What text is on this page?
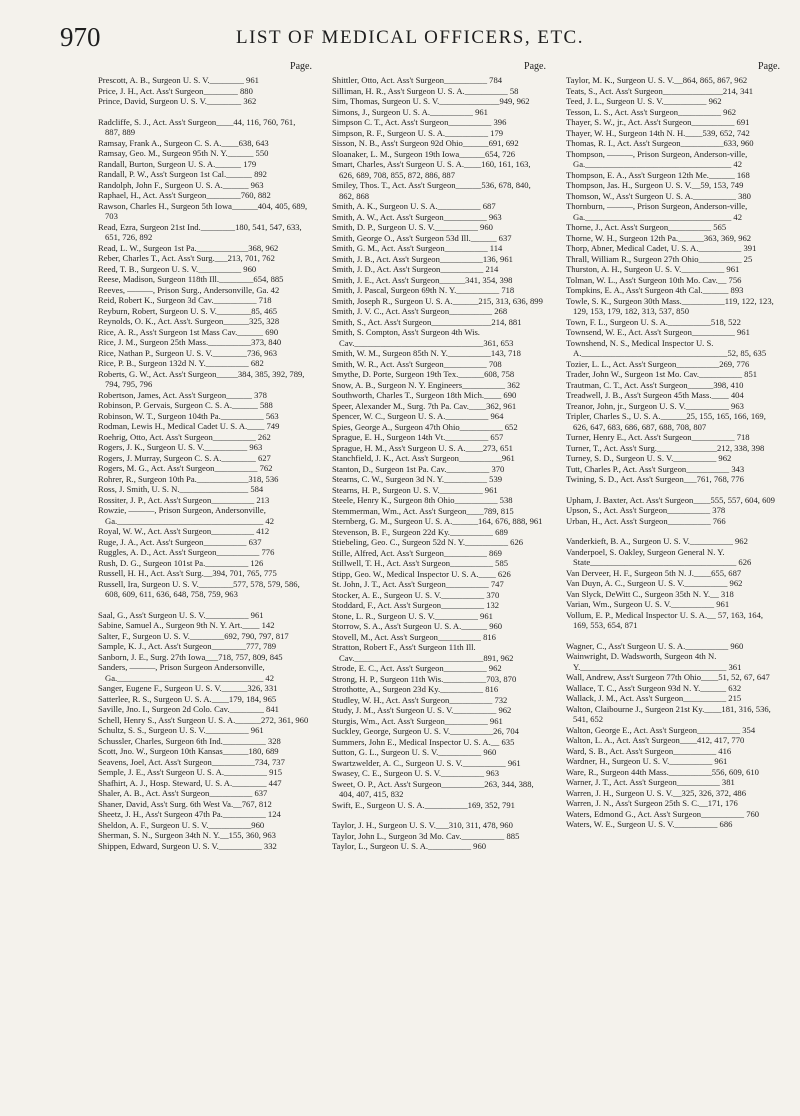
970	LIST OF MEDICAL OFFICERS, ETC.
Page.

Prescott, A. B., Surgeon U. S. V.________ 961

Price, J. H., Act. Ass't Surgeon________ 880

Prince, David, Surgeon U. S. V.________ 362

Radcliffe, S. J., Act. Ass't Surgeon____44, 116, 760, 761, 887, 889

Ramsay, Frank A., Surgeon C. S. A.____638, 643

Ramsay, Geo. M., Surgeon 95th N. Y.______ 550

Randall, Burton, Surgeon U. S. A.______ 179

Randall, P. W., Ass't Surgeon 1st Cal.______ 892

Randolph, John F., Surgeon U. S. A.______ 963

Raphael, H., Act. Ass't Surgeon________760, 882

Rawson, Charles H., Surgeon 5th Iowa______404, 405, 689, 703

Read, Ezra, Surgeon 21st Ind.________180, 541, 547, 633, 651, 726, 892

Read, L. W., Surgeon 1st Pa.____________368, 962

Reber, Charles T., Act. Ass't Surg.___213, 701, 762

Reed, T. B., Surgeon U. S. V.__________ 960

Reese, Madison, Surgeon 118th Ill.________654, 885

Reeves, ———, Prison Surg., Andersonville, Ga. 42

Reid, Robert K., Surgeon 3d Cav.__________ 718

Reyburn, Robert, Surgeon U. S. V.________85, 465

Reynolds, O. K., Act. Ass't. Surgeon______325, 328

Rice, A. R., Ass't Surgeon 1st Mass Cav.______ 690

Rice, J. M., Surgeon 25th Mass.__________373, 840

Rice, Nathan P., Surgeon U. S. V.________736, 963

Rice, P. B., Surgeon 132d N. Y.__________ 682

Roberts, G. W., Act. Ass't Surgeon_____384, 385, 392, 789, 794, 795, 796

Robertson, James, Act. Ass't Surgeon______ 378

Robinson, P. Gervais, Surgeon C. S. A.______ 588

Robinson, W. T., Surgeon 104th Pa.__________ 563

Rodman, Lewis H., Medical Cadet U. S. A.____ 749

Roehrig, Otto, Act. Ass't Surgeon__________ 262

Rogers, J. K., Surgeon U. S. V.__________ 963

Rogers, J. Murray, Surgeon C. S. A.________ 627

Rogers, M. G., Act. Ass't Surgeon__________ 762

Rohrer, R., Surgeon 10th Pa.____________318, 536

Ross, J. Smith, U. S. N.________________ 584

Rossiter, J. P., Act. Ass't Surgeon__________ 213

Rowzie, ———, Prison Surgeon, Andersonville, Ga.__________________________________ 42

Royal, W. W., Act. Ass't Surgeon__________ 412

Ruge, J. A., Act. Ass't Surgeon__________ 637

Ruggles, A. D., Act. Ass't Surgeon__________ 776

Rush, D. G., Surgeon 101st Pa.__________ 126

Russell, H. H., Act. Ass't Surg.__394, 701, 765, 775

Russell, Ira, Surgeon U. S. V.________577, 578, 579, 586, 608, 609, 611, 636, 648, 758, 759, 963

Saal, G., Ass't Surgeon U. S. V.__________ 961

Sabine, Samuel A., Surgeon 9th N. Y. Art.____ 142

Salter, F., Surgeon U. S. V.________692, 790, 797, 817

Sample, K. J., Act. Ass't Surgeon________777, 789

Sanborn, J. E., Surg. 27th Iowa___718, 757, 809, 845

Sanders, ———, Prison Surgeon Andersonville, Ga.__________________________________ 42

Sanger, Eugene F., Surgeon U. S. V.______326, 331

Satterlee, R. S., Surgeon U. S. A.____179, 184, 965

Saville, Jno. I., Surgeon 2d Colo. Cav.________ 841

Schell, Henry S., Ass't Surgeon U. S. A.______272, 361, 960

Schultz, S. S., Surgeon U. S. V.__________ 961

Schussler, Charles, Surgeon 6th Ind.__________ 328

Scott, Jno. W., Surgeon 10th Kansas______180, 689

Seavens, Joel, Act. Ass't Surgeon__________734, 737

Semple, J. E., Ass't Surgeon U. S. A.__________ 915

Shafhirt, A. J., Hosp. Steward, U. S. A.________ 447

Shaler, A. B., Act. Ass't Surgeon__________ 637

Shaner, David, Ass't Surg. 6th West Va.__767, 812

Sheetz, J. H., Ass't Surgeon 47th Pa.__________ 124

Sheldon, A. F., Surgeon U. S. V.__________960

Sherman, S. N., Surgeon 34th N. Y.__155, 360, 963

Shippen, Edward, Surgeon U. S. V.__________ 332

Page.

Shittler, Otto, Act. Ass't Surgeon__________ 784

Silliman, H. R., Ass't Surgeon U. S. A.__________ 58

Sim, Thomas, Surgeon U. S. V.______________949, 962

Simons, J., Surgeon U. S. A.__________ 961

Simpson C. T., Act. Ass't Surgeon__________ 396

Simpson, R. F., Surgeon U. S. A.__________ 179

Sisson, N. B., Ass't Surgeon 92d Ohio______691, 692

Sloanaker, L. M., Surgeon 19th Iowa______654, 726

Smart, Charles, Ass't Surgeon U. S. A.____160, 161, 163, 626, 689, 708, 855, 872, 886, 887

Smiley, Thos. T., Act. Ass't Surgeon______536, 678, 840, 862, 868

Smith, A. K., Surgeon U. S. A.__________ 687

Smith, A. W., Act. Ass't Surgeon__________ 963

Smith, D. P., Surgeon U. S. V.__________ 960

Smith, George O., Ass't Surgeon 53d Ill.______ 637

Smith, G. M., Act. Ass't Surgeon__________ 114

Smith, J. B., Act. Ass't Surgeon__________136, 961

Smith, J. D., Act. Ass't Surgeon__________ 214

Smith, J. E., Act. Ass't Surgeon______341, 354, 398

Smith, J. Pascal, Surgeon 69th N. Y.__________ 718

Smith, Joseph R., Surgeon U. S. A.______215, 313, 636, 899

Smith, J. V. C., Act. Ass't Surgeon__________ 268

Smith, S., Act. Ass't Surgeon______________214, 881

Smith, S. Compton, Ass't Surgeon 4th Wis. Cav.______________________________361, 653

Smith, W. M., Surgeon 85th N. Y.__________143, 718

Smith, W. R., Act. Ass't Surgeon__________ 708

Smythe, D. Porte, Surgeon 19th Tex.______608, 758

Snow, A. B., Surgeon N. Y. Engineers__________ 362

Southworth, Charles T., Surgeon 18th Mich.____ 690

Speer, Alexander M., Surg. 7th Pa. Cav.____362, 961

Spencer, W. C., Surgeon U. S. A.__________ 964

Spies, George A., Surgeon 47th Ohio__________ 652

Sprague, E. H., Surgeon 14th Vt.__________ 657

Sprague, H. M., Ass't Surgeon U. S. A.____273, 651

Stanchfield, J. K., Act. Ass't Surgeon__________961

Stanton, D., Surgeon 1st Pa. Cav.__________ 370

Stearns, C. W., Surgeon 3d N. Y.__________ 539

Stearns, H. P., Surgeon U. S. V.__________ 961

Steele, Henry K., Surgeon 8th Ohio__________ 538

Stemmerman, Wm., Act. Ass't Surgeon____789, 815

Sternberg, G. M., Surgeon U. S. A.______164, 676, 888, 961

Stevenson, B. F., Surgeon 22d Ky.__________ 689

Stiebeling, Geo. C., Surgeon 52d N. Y.__________ 626

Stille, Alfred, Act. Ass't Surgeon__________ 869

Stillwell, T. H., Act. Ass't Surgeon__________ 585

Stipp, Geo. W., Medical Inspector U. S. A.____ 626

St. John, J. T., Act. Ass't Surgeon__________ 747

Stocker, A. E., Surgeon U. S. V.__________ 370

Stoddard, F., Act. Ass't Surgeon__________ 132

Stone, L. R., Surgeon U. S. V.__________ 961

Storrow, S. A., Ass't Surgeon U. S. A.______ 960

Stovell, M., Act. Ass't Surgeon__________ 816

Stratton, Robert F., Ass't Surgeon 11th Ill. Cav.______________________________891, 962

Strode, E. C., Act. Ass't Surgeon__________ 962

Strong, H. P., Surgeon 11th Wis.__________703, 870

Strothotte, A., Surgeon 23d Ky.__________ 816

Studley, W. H., Act. Ass't Surgeon__________ 732

Study, J. M., Ass't Surgeon U. S. V.__________ 962

Sturgis, Wm., Act. Ass't Surgeon__________ 961

Suckley, George, Surgeon U. S. V.__________26, 704

Summers, John E., Medical Inspector U. S. A.__ 635

Sutton, G. L., Surgeon U. S. V.__________ 960

Swartzwelder, A. C., Surgeon U. S. V.__________ 961

Swasey, C. E., Surgeon U. S. V.__________ 963

Sweet, O. P., Act. Ass't Surgeon__________263, 344, 388, 404, 407, 415, 832

Swift, E., Surgeon U. S. A.__________169, 352, 791

Taylor, J. H., Surgeon U. S. V.___310, 311, 478, 960

Taylor, John L., Surgeon 3d Mo. Cav.__________ 885

Taylor, L., Surgeon U. S. A.__________ 960

Page.

Taylor, M. K., Surgeon U. S. V.__864, 865, 867, 962

Teats, S., Act. Ass't Surgeon______________214, 341

Teed, J. L., Surgeon U. S. V.__________ 962

Tesson, L. S., Act. Ass't Surgeon__________ 962

Thayer, S. W., jr., Act. Ass't Surgeon__________ 691

Thayer, W. H., Surgeon 14th N. H.____539, 652, 742

Thomas, R. I., Act. Ass't Surgeon__________633, 960

Thompson, ———, Prison Surgeon, Anderson-ville, Ga.__________________________________ 42

Thompson, E. A., Ass't Surgeon 12th Me.______ 168

Thompson, Jas. H., Surgeon U. S. V.__59, 153, 749

Thomson, W., Ass't Surgeon U. S. A.__________ 380

Thornburn, ———, Prison Surgeon, Anderson-ville, Ga.__________________________________ 42

Thorne, J., Act. Ass't Surgeon__________ 565

Thorne, W. H., Surgeon 12th Pa.______363, 369, 962

Thorp, Abner, Medical Cadet, U. S. A.__________ 391

Thrall, William R., Surgeon 27th Ohio__________ 25

Thurston, A. H., Surgeon U. S. V.__________ 961

Tolman, W. L., Ass't Surgeon 10th Mo. Cav.__ 756

Tompkins, E. A., Ass't Surgeon 4th Cal.______ 893

Towle, S. K., Surgeon 30th Mass.__________119, 122, 123, 129, 153, 179, 182, 313, 537, 850

Town, F. L., Surgeon U. S. A.__________518, 522

Townsend, W. E., Act. Ass't Surgeon__________ 961

Townshend, N. S., Medical Inspector U. S. A.__________________________________52, 85, 635

Tozier, L. L., Act. Ass't Surgeon__________269, 776

Trader, John W., Surgeon 1st Mo. Cav.__________ 851

Trautman, C. T., Act. Ass't Surgeon______398, 410

Treadwell, J. B., Ass't Surgeon 45th Mass.____ 404

Treanor, John, jr., Surgeon U. S. V.__________ 963

Tripler, Charles S., U. S. A.______25, 155, 165, 166, 169, 626, 647, 683, 686, 687, 688, 708, 807

Turner, Henry E., Act. Ass't Surgeon__________ 718

Turner, T., Act. Ass't Surg.______________212, 338, 398

Turney, S. D., Surgeon U. S. V.__________ 962

Tutt, Charles P., Act. Ass't Surgeon__________ 343

Twining, S. D., Act. Ass't Surgeon___761, 768, 776

Upham, J. Baxter, Act. Ass't Surgeon____555, 557, 604, 609

Upson, S., Act. Ass't Surgeon__________ 378

Urban, H., Act. Ass't Surgeon__________ 766

Vanderkieft, B. A., Surgeon U. S. V.__________ 962

Vanderpoel, S. Oakley, Surgeon General N. Y. State__________________________________ 626

Van Derveer, H. F., Surgeon 5th N. J.____655, 687

Van Duyn, A. C., Surgeon U. S. V.__________ 962

Van Slyck, DeWitt C., Surgeon 35th N. Y.__ 318

Varian, Wm., Surgeon U. S. V.__________ 961

Vollum, E. P., Medical Inspector U. S. A.__ 57, 163, 164, 169, 553, 654, 871

Wagner, C., Ass't Surgeon U. S. A.__________ 960

Wainwright, D. Wadsworth, Surgeon 4th N. Y.__________________________________ 361

Wall, Andrew, Ass't Surgeon 77th Ohio____51, 52, 67, 647

Wallace, T. C., Ass't Surgeon 93d N. Y.______ 632

Wallack, J. M., Act. Ass't Surgeon__________ 215

Walton, Claibourne J., Surgeon 21st Ky.____181, 316, 536, 541, 652

Walton, George E., Act. Ass't Surgeon__________ 354

Walton, L. A., Act. Ass't Surgeon____412, 417, 770

Ward, S. B., Act. Ass't Surgeon__________ 416

Wardner, H., Surgeon U. S. V.__________ 961

Ware, R., Surgeon 44th Mass.__________556, 609, 610

Warner, J. T., Act. Ass't Surgeon__________ 381

Warren, J. H., Surgeon U. S. V.__325, 326, 372, 486

Warren, J. N., Ass't Surgeon 25th S. C.__171, 176

Waters, Edmond G., Act. Ass't Surgeon__________ 760

Waters, W. E., Surgeon U. S. V.__________ 686
